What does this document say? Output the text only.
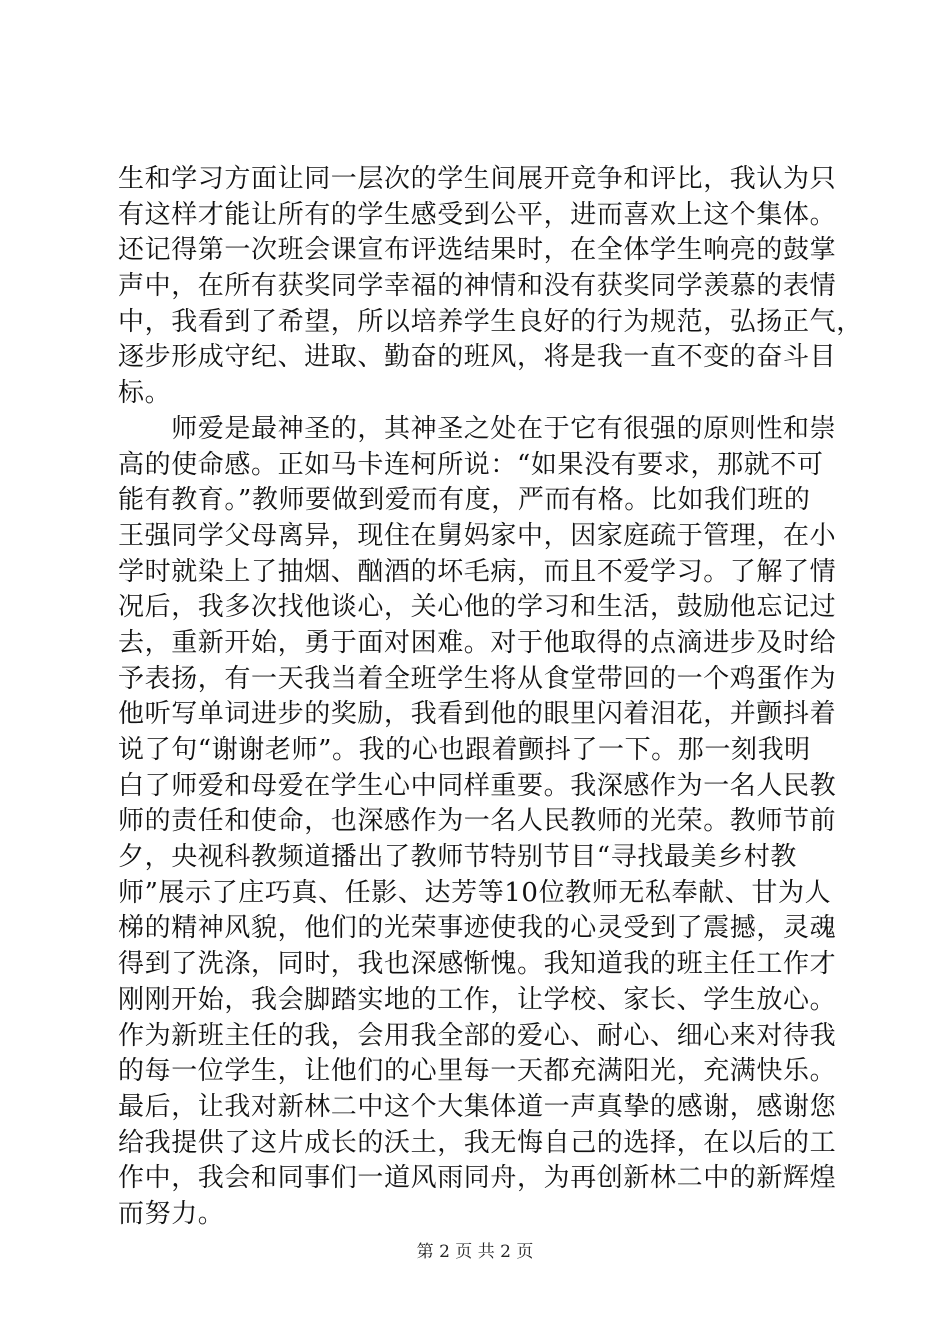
生和学习方面让同一层次的学生间展开竞争和评比，我认为只
有这样才能让所有的学生感受到公平，进而喜欢上这个集体。
还记得第一次班会课宣布评选结果时，在全体学生响亮的鼓掌
声中，在所有获奖同学幸福的神情和没有获奖同学羡慕的表情
中，我看到了希望，所以培养学生良好的行为规范，弘扬正气，
逐步形成守纪、进取、勤奋的班风，将是我一直不变的奋斗目
标。
　　师爱是最神圣的，其神圣之处在于它有很强的原则性和崇
高的使命感。正如马卡连柯所说：“如果没有要求，那就不可
能有教育。”教师要做到爱而有度，严而有格。比如我们班的
王强同学父母离异，现住在舅妈家中，因家庭疏于管理，在小
学时就染上了抽烟、酗酒的坏毛病，而且不爱学习。了解了情
况后，我多次找他谈心，关心他的学习和生活，鼓励他忘记过
去，重新开始，勇于面对困难。对于他取得的点滴进步及时给
予表扬，有一天我当着全班学生将从食堂带回的一个鸡蛋作为
他听写单词进步的奖励，我看到他的眼里闪着泪花，并颤抖着
说了句“谢谢老师”。我的心也跟着颤抖了一下。那一刻我明
白了师爱和母爱在学生心中同样重要。我深感作为一名人民教
师的责任和使命，也深感作为一名人民教师的光荣。教师节前
夕，央视科教频道播出了教师节特别节目“寻找最美乡村教
师”展示了庄巧真、任影、达芳等10位教师无私奉献、甘为人
梯的精神风貌，他们的光荣事迹使我的心灵受到了震撼，灵魂
得到了洗涤，同时，我也深感惭愧。我知道我的班主任工作才
刚刚开始，我会脚踏实地的工作，让学校、家长、学生放心。
作为新班主任的我，会用我全部的爱心、耐心、细心来对待我
的每一位学生，让他们的心里每一天都充满阳光，充满快乐。
最后，让我对新林二中这个大集体道一声真挚的感谢，感谢您
给我提供了这片成长的沃土，我无悔自己的选择，在以后的工
作中，我会和同事们一道风雨同舟，为再创新林二中的新辉煌
而努力。
第 2 页 共 2 页
